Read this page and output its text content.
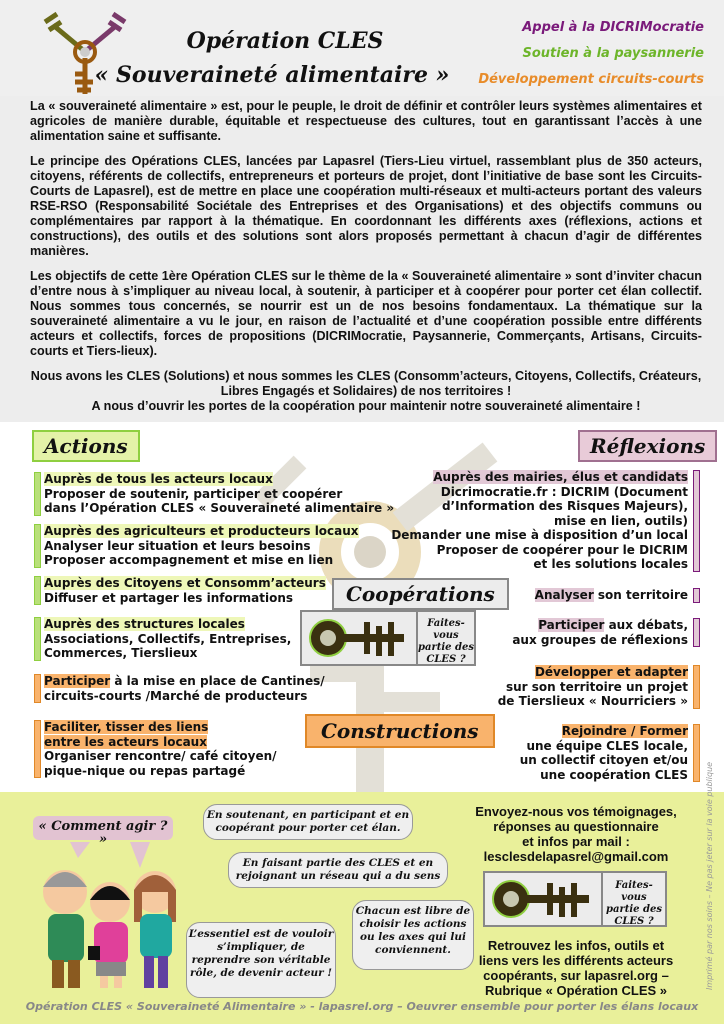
Opération CLES
« Souveraineté alimentaire »
Appel à la DICRIMocratie
Soutien à la paysannerie
Développement circuits-courts

La « souveraineté alimentaire » est, pour le peuple, le droit de définir et contrôler leurs systèmes alimentaires et agricoles de manière durable, équitable et respectueuse des cultures, tout en garantissant l’accès à une alimentation saine et suffisante.

Le principe des Opérations CLES, lancées par Lapasrel (Tiers-Lieu virtuel, rassemblant plus de 350 acteurs, citoyens, référents de collectifs, entrepreneurs et porteurs de projet, dont l’initiative de base sont les Circuits-Courts de Lapasrel), est de mettre en place une coopération multi-réseaux et multi-acteurs portant des valeurs RSE-RSO (Responsabilité Sociétale des Entreprises et des Organisations) et des objectifs communs ou complémentaires par rapport à la thématique. En coordonnant les différents axes (réflexions, actions et constructions), des outils et des solutions sont alors proposés permettant à chacun d’agir de différentes manières.

Les objectifs de cette 1ère Opération CLES sur le thème de la « Souveraineté alimentaire » sont d’inviter chacun d’entre nous à s’impliquer au niveau local, à soutenir, à participer et à coopérer pour porter cet élan collectif. Nous sommes tous concernés, se nourrir est un de nos besoins fondamentaux. La thématique sur la souveraineté alimentaire a vu le jour, en raison de l’actualité et d’une coopération possible entre différents acteurs et collectifs, forces de propositions (DICRIMocratie, Paysannerie, Commerçants, Artisans, Circuits-courts et Tiers-lieux).

Nous avons les CLES (Solutions) et nous sommes les CLES (Consomm’acteurs, Citoyens, Collectifs, Créateurs, Libres Engagés et Solidaires) de nos territoires !

A nous d’ouvrir les portes de la coopération pour maintenir notre souveraineté alimentaire !

Actions	Réflexions
Coopérations
Constructions
Faites-vous partie des CLES ?
Auprès de tous les acteurs locaux
Proposer de soutenir, participer et coopérer
dans l’Opération CLES « Souveraineté alimentaire »
Auprès des agriculteurs et producteurs locaux
Analyser leur situation et leurs besoins
Proposer accompagnement et mise en lien
Auprès des Citoyens et Consomm’acteurs
Diffuser et partager les informations
Auprès des structures locales
Associations, Collectifs, Entreprises,
Commerces, Tierslieux
Participer à la mise en place de Cantines/
circuits-courts /Marché de producteurs
Faciliter, tisser des liens
entre les acteurs locaux
Organiser rencontre/ café citoyen/
pique-nique ou repas partagé
Auprès des mairies, élus et candidats
Dicrimocratie.fr : DICRIM (Document
d’Information des Risques Majeurs),
mise en lien, outils)
Demander une mise à disposition d’un local
Proposer de coopérer pour le DICRIM
et les solutions locales
Analyser son territoire
Participer aux débats,
aux groupes de réflexions
Développer et adapter
sur son territoire un projet
de Tierslieux « Nourriciers »
Rejoindre / Former
une équipe CLES locale,
un collectif citoyen et/ou
une coopération CLES
« Comment agir ? »
En soutenant, en participant et en coopérant pour porter cet élan.
En faisant partie des CLES et en rejoignant un réseau qui a du sens
Chacun est libre de choisir les actions ou les axes qui lui conviennent.
L’essentiel est de vouloir s’impliquer, de reprendre son véritable rôle, de devenir acteur !
Envoyez-nous vos témoignages,
réponses au questionnaire
et infos par mail :
lesclesdelapasrel@gmail.com
Faites-vous partie des CLES ?
Retrouvez les infos, outils et
liens vers les différents acteurs
coopérants, sur lapasrel.org –
Rubrique « Opération CLES »
Opération CLES « Souveraineté Alimentaire » - lapasrel.org – Oeuvrer ensemble pour porter les élans locaux
Imprimé par nos soins – Ne pas jeter sur la voie publique
